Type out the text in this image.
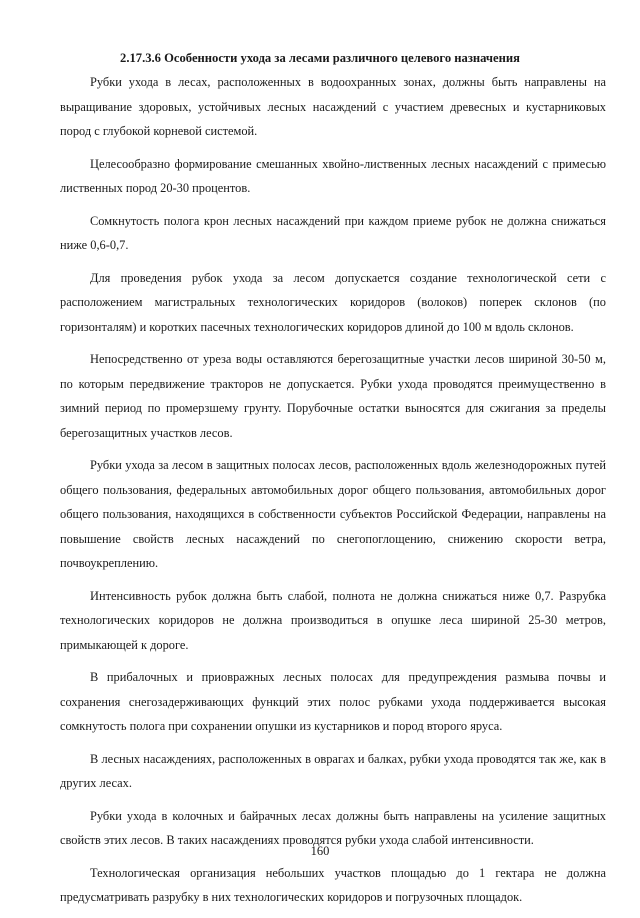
2.17.3.6 Особенности ухода за лесами различного целевого назначения

Рубки ухода в лесах, расположенных в водоохранных зонах, должны быть направлены на выращивание здоровых, устойчивых лесных насаждений с участием древесных и кустарниковых пород с глубокой корневой системой.

Целесообразно формирование смешанных хвойно-лиственных лесных насаждений с примесью лиственных пород 20-30 процентов.

Сомкнутость полога крон лесных насаждений при каждом приеме рубок не должна снижаться ниже 0,6-0,7.

Для проведения рубок ухода за лесом допускается создание технологической сети с расположением магистральных технологических коридоров (волоков) поперек склонов (по горизонталям) и коротких пасечных технологических коридоров длиной до 100 м вдоль склонов.

Непосредственно от уреза воды оставляются берегозащитные участки лесов шириной 30-50 м, по которым передвижение тракторов не допускается. Рубки ухода проводятся преимущественно в зимний период по промерзшему грунту. Порубочные остатки выносятся для сжигания за пределы берегозащитных участков лесов.

Рубки ухода за лесом в защитных полосах лесов, расположенных вдоль железнодорожных путей общего пользования, федеральных автомобильных дорог общего пользования, автомобильных дорог общего пользования, находящихся в собственности субъектов Российской Федерации, направлены на повышение свойств лесных насаждений по снегопоглощению, снижению скорости ветра, почвоукреплению.

Интенсивность рубок должна быть слабой, полнота не должна снижаться ниже 0,7. Разрубка технологических коридоров не должна производиться в опушке леса шириной 25-30 метров, примыкающей к дороге.

В прибалочных и приовражных лесных полосах для предупреждения размыва почвы и сохранения снегозадерживающих функций этих полос рубками ухода поддерживается высокая сомкнутость полога при сохранении опушки из кустарников и пород второго яруса.

В лесных насаждениях, расположенных в оврагах и балках, рубки ухода проводятся так же, как в других лесах.

Рубки ухода в колочных и байрачных лесах должны быть направлены на усиление защитных свойств этих лесов. В таких насаждениях проводятся рубки ухода слабой интенсивности.

Технологическая организация небольших участков площадью до 1 гектара не должна предусматривать разрубку в них технологических коридоров и погрузочных площадок.

160
